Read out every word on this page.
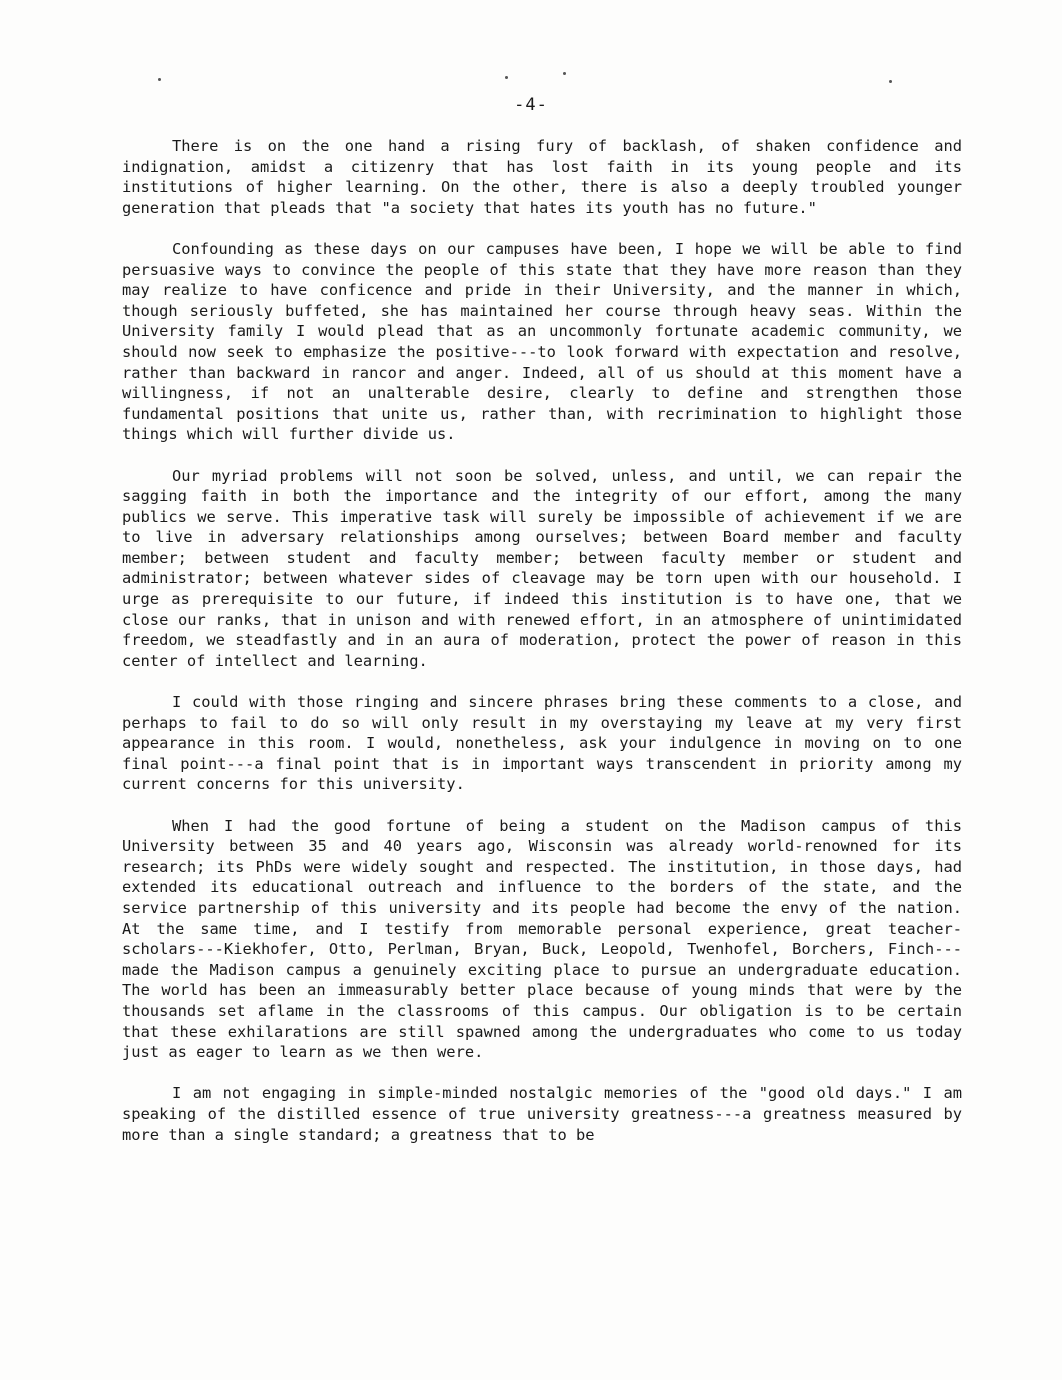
-4-

There is on the one hand a rising fury of backlash, of shaken confidence and indignation, amidst a citizenry that has lost faith in its young people and its institutions of higher learning. On the other, there is also a deeply troubled younger generation that pleads that "a society that hates its youth has no future."

Confounding as these days on our campuses have been, I hope we will be able to find persuasive ways to convince the people of this state that they have more reason than they may realize to have conficence and pride in their University, and the manner in which, though seriously buffeted, she has maintained her course through heavy seas. Within the University family I would plead that as an uncommonly fortunate academic community, we should now seek to emphasize the positive---to look forward with expectation and resolve, rather than backward in rancor and anger. Indeed, all of us should at this moment have a willingness, if not an unalterable desire, clearly to define and strengthen those fundamental positions that unite us, rather than, with recrimination to highlight those things which will further divide us.

Our myriad problems will not soon be solved, unless, and until, we can repair the sagging faith in both the importance and the integrity of our effort, among the many publics we serve. This imperative task will surely be impossible of achievement if we are to live in adversary relationships among ourselves; between Board member and faculty member; between student and faculty member; between faculty member or student and administrator; between whatever sides of cleavage may be torn upen with our household. I urge as prerequisite to our future, if indeed this institution is to have one, that we close our ranks, that in unison and with renewed effort, in an atmosphere of unintimidated freedom, we steadfastly and in an aura of moderation, protect the power of reason in this center of intellect and learning.

I could with those ringing and sincere phrases bring these comments to a close, and perhaps to fail to do so will only result in my overstaying my leave at my very first appearance in this room. I would, nonetheless, ask your indulgence in moving on to one final point---a final point that is in important ways transcendent in priority among my current concerns for this university.

When I had the good fortune of being a student on the Madison campus of this University between 35 and 40 years ago, Wisconsin was already world-renowned for its research; its PhDs were widely sought and respected. The institution, in those days, had extended its educational outreach and influence to the borders of the state, and the service partnership of this university and its people had become the envy of the nation. At the same time, and I testify from memorable personal experience, great teacher-scholars---Kiekhofer, Otto, Perlman, Bryan, Buck, Leopold, Twenhofel, Borchers, Finch---made the Madison campus a genuinely exciting place to pursue an undergraduate education. The world has been an immeasurably better place because of young minds that were by the thousands set aflame in the classrooms of this campus. Our obligation is to be certain that these exhilarations are still spawned among the undergraduates who come to us today just as eager to learn as we then were.

I am not engaging in simple-minded nostalgic memories of the "good old days." I am speaking of the distilled essence of true university greatness---a greatness measured by more than a single standard; a greatness that to be
